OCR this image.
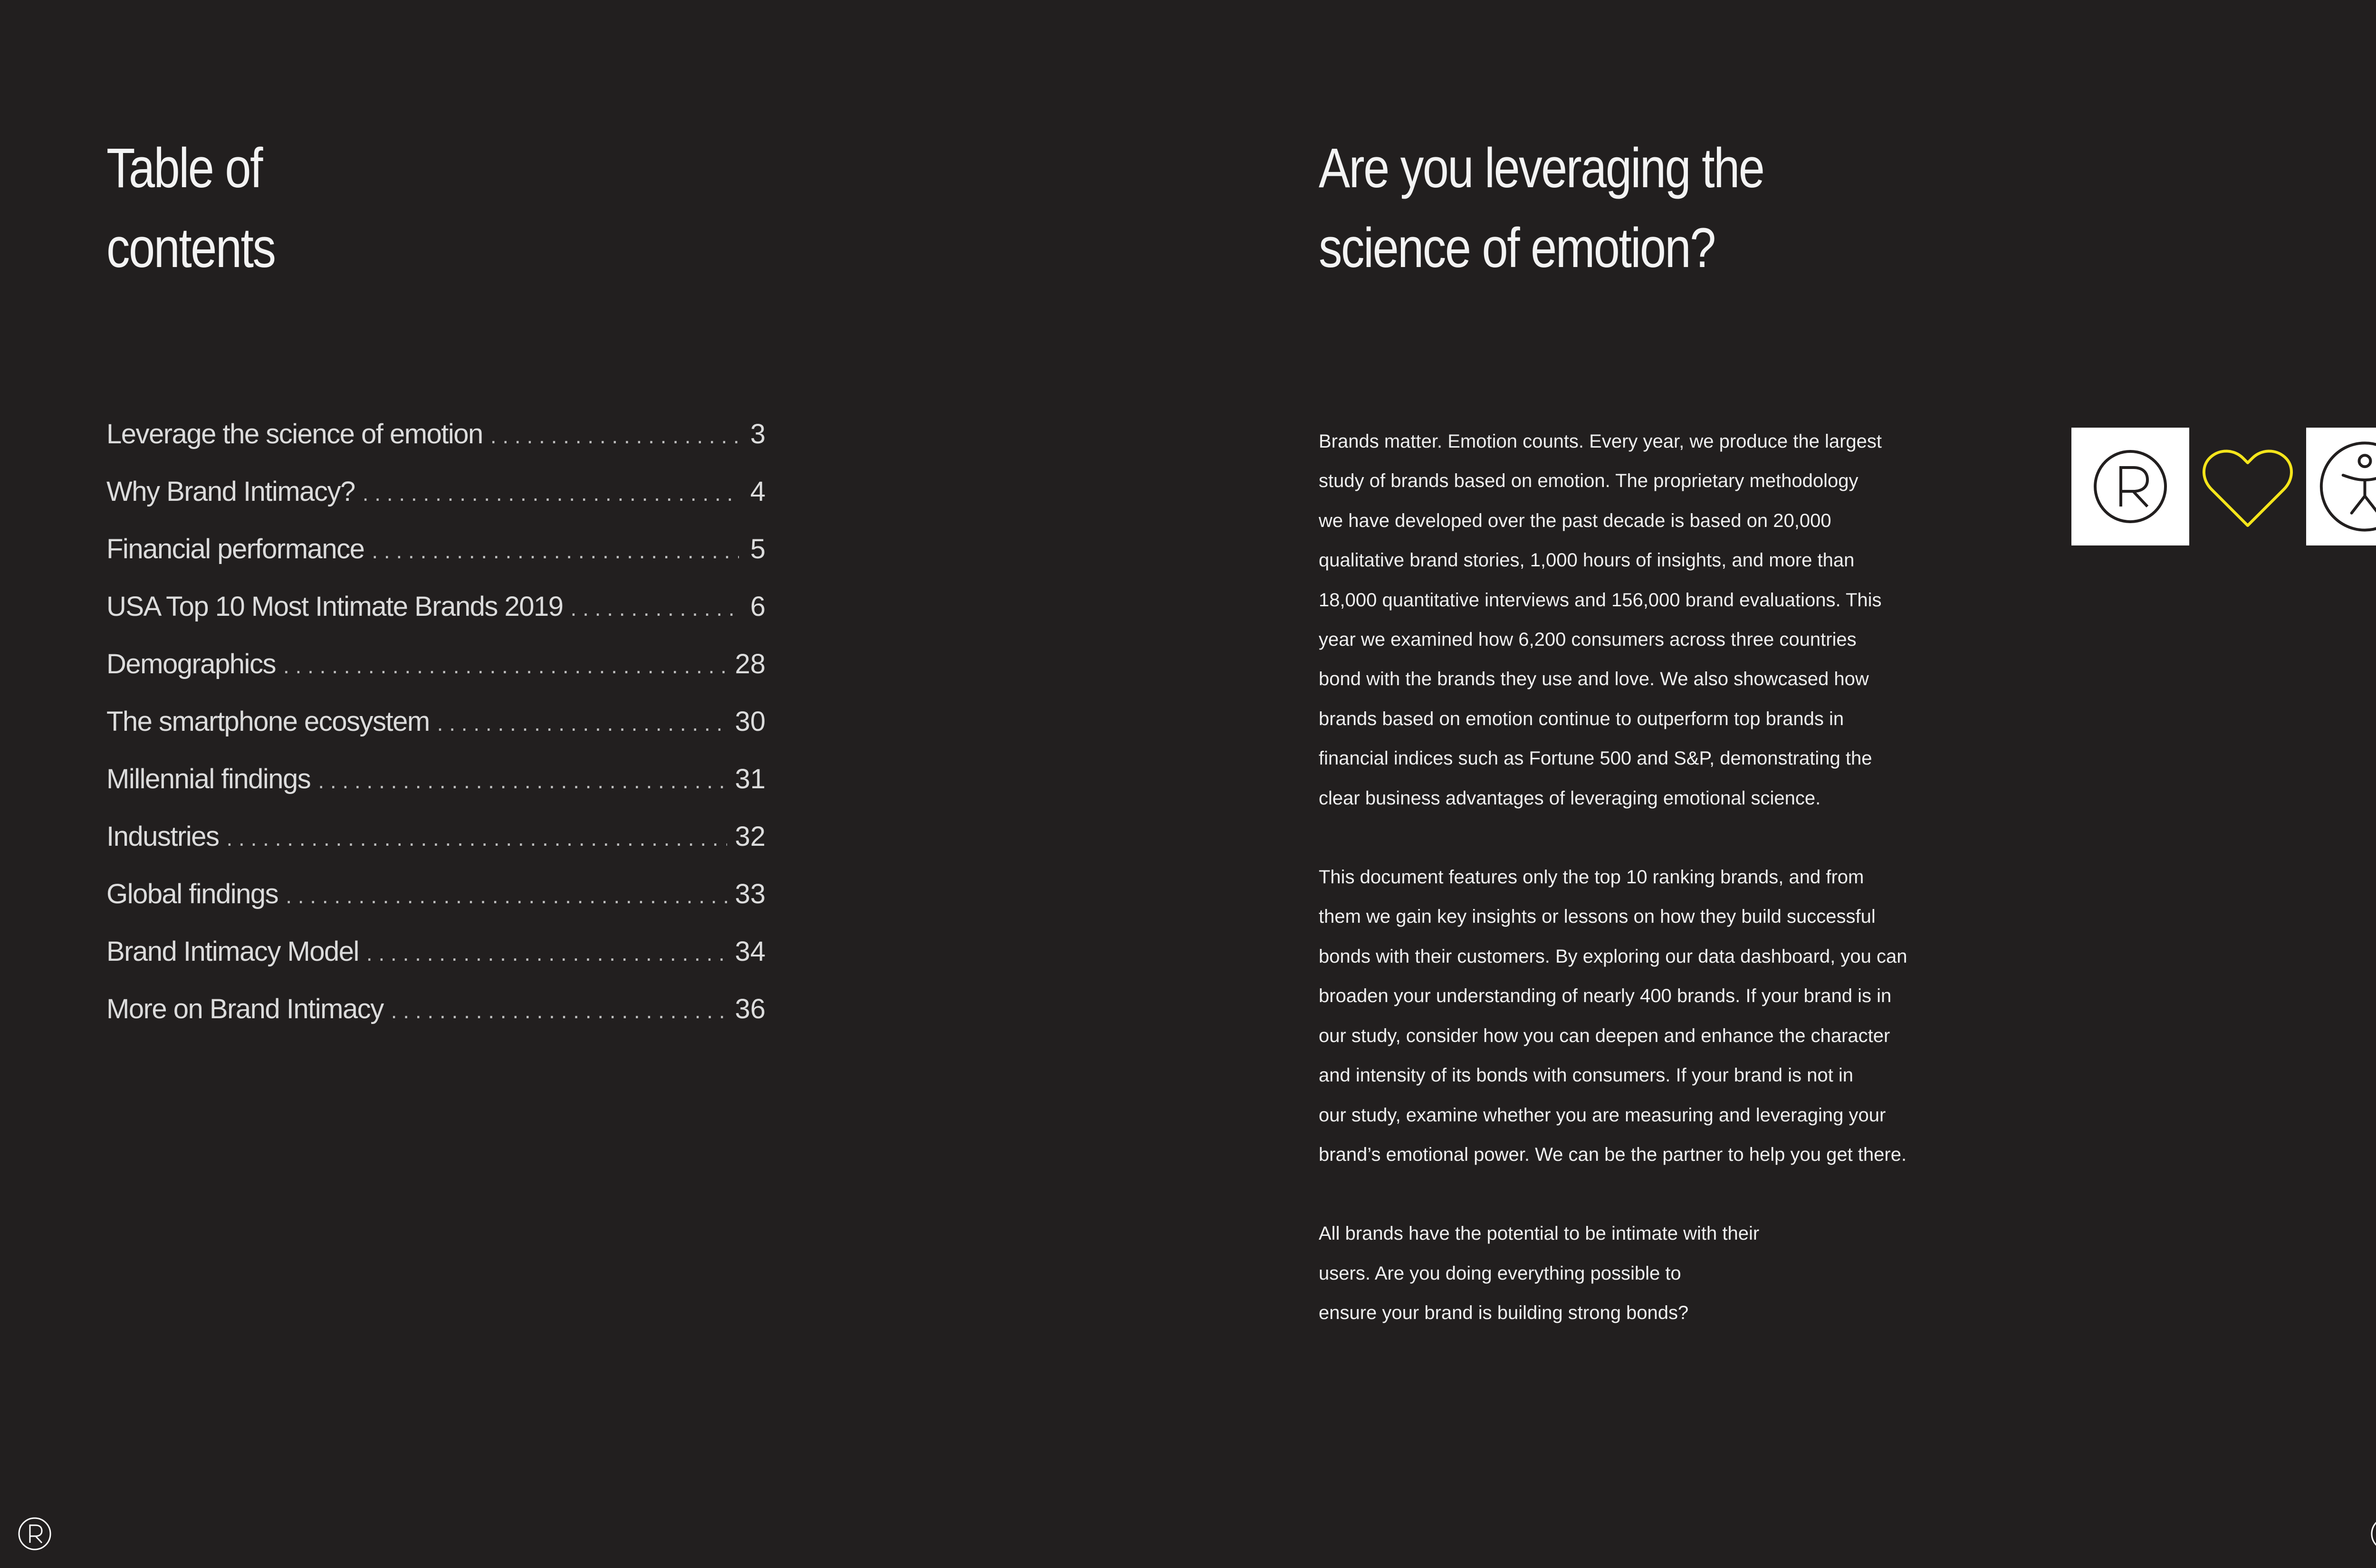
Table of
contents
Leverage the science of emotion . . .	3
Why Brand Intimacy? . . .	4
Financial performance . . .	5
USA Top 10 Most Intimate Brands 2019 . . .	6
Demographics . . .	28
The smartphone ecosystem . . .	30
Millennial findings . . .	31
Industries . . .	32
Global findings . . .	33
Brand Intimacy Model . . .	34
More on Brand Intimacy . . .	36
Are you leveraging the
science of emotion?

Brands matter. Emotion counts. Every year, we produce the largest
study of brands based on emotion. The proprietary methodology
we have developed over the past decade is based on 20,000
qualitative brand stories, 1,000 hours of insights, and more than
18,000 quantitative interviews and 156,000 brand evaluations. This
year we examined how 6,200 consumers across three countries
bond with the brands they use and love. We also showcased how
brands based on emotion continue to outperform top brands in
financial indices such as Fortune 500 and S&P, demonstrating the
clear business advantages of leveraging emotional science.

This document features only the top 10 ranking brands, and from
them we gain key insights or lessons on how they build successful
bonds with their customers. By exploring our data dashboard, you can
broaden your understanding of nearly 400 brands. If your brand is in
our study, consider how you can deepen and enhance the character
and intensity of its bonds with consumers. If your brand is not in
our study, examine whether you are measuring and leveraging your
brand’s emotional power. We can be the partner to help you get there.

All brands have the potential to be intimate with their
users. Are you doing everything possible to
ensure your brand is building strong bonds?
